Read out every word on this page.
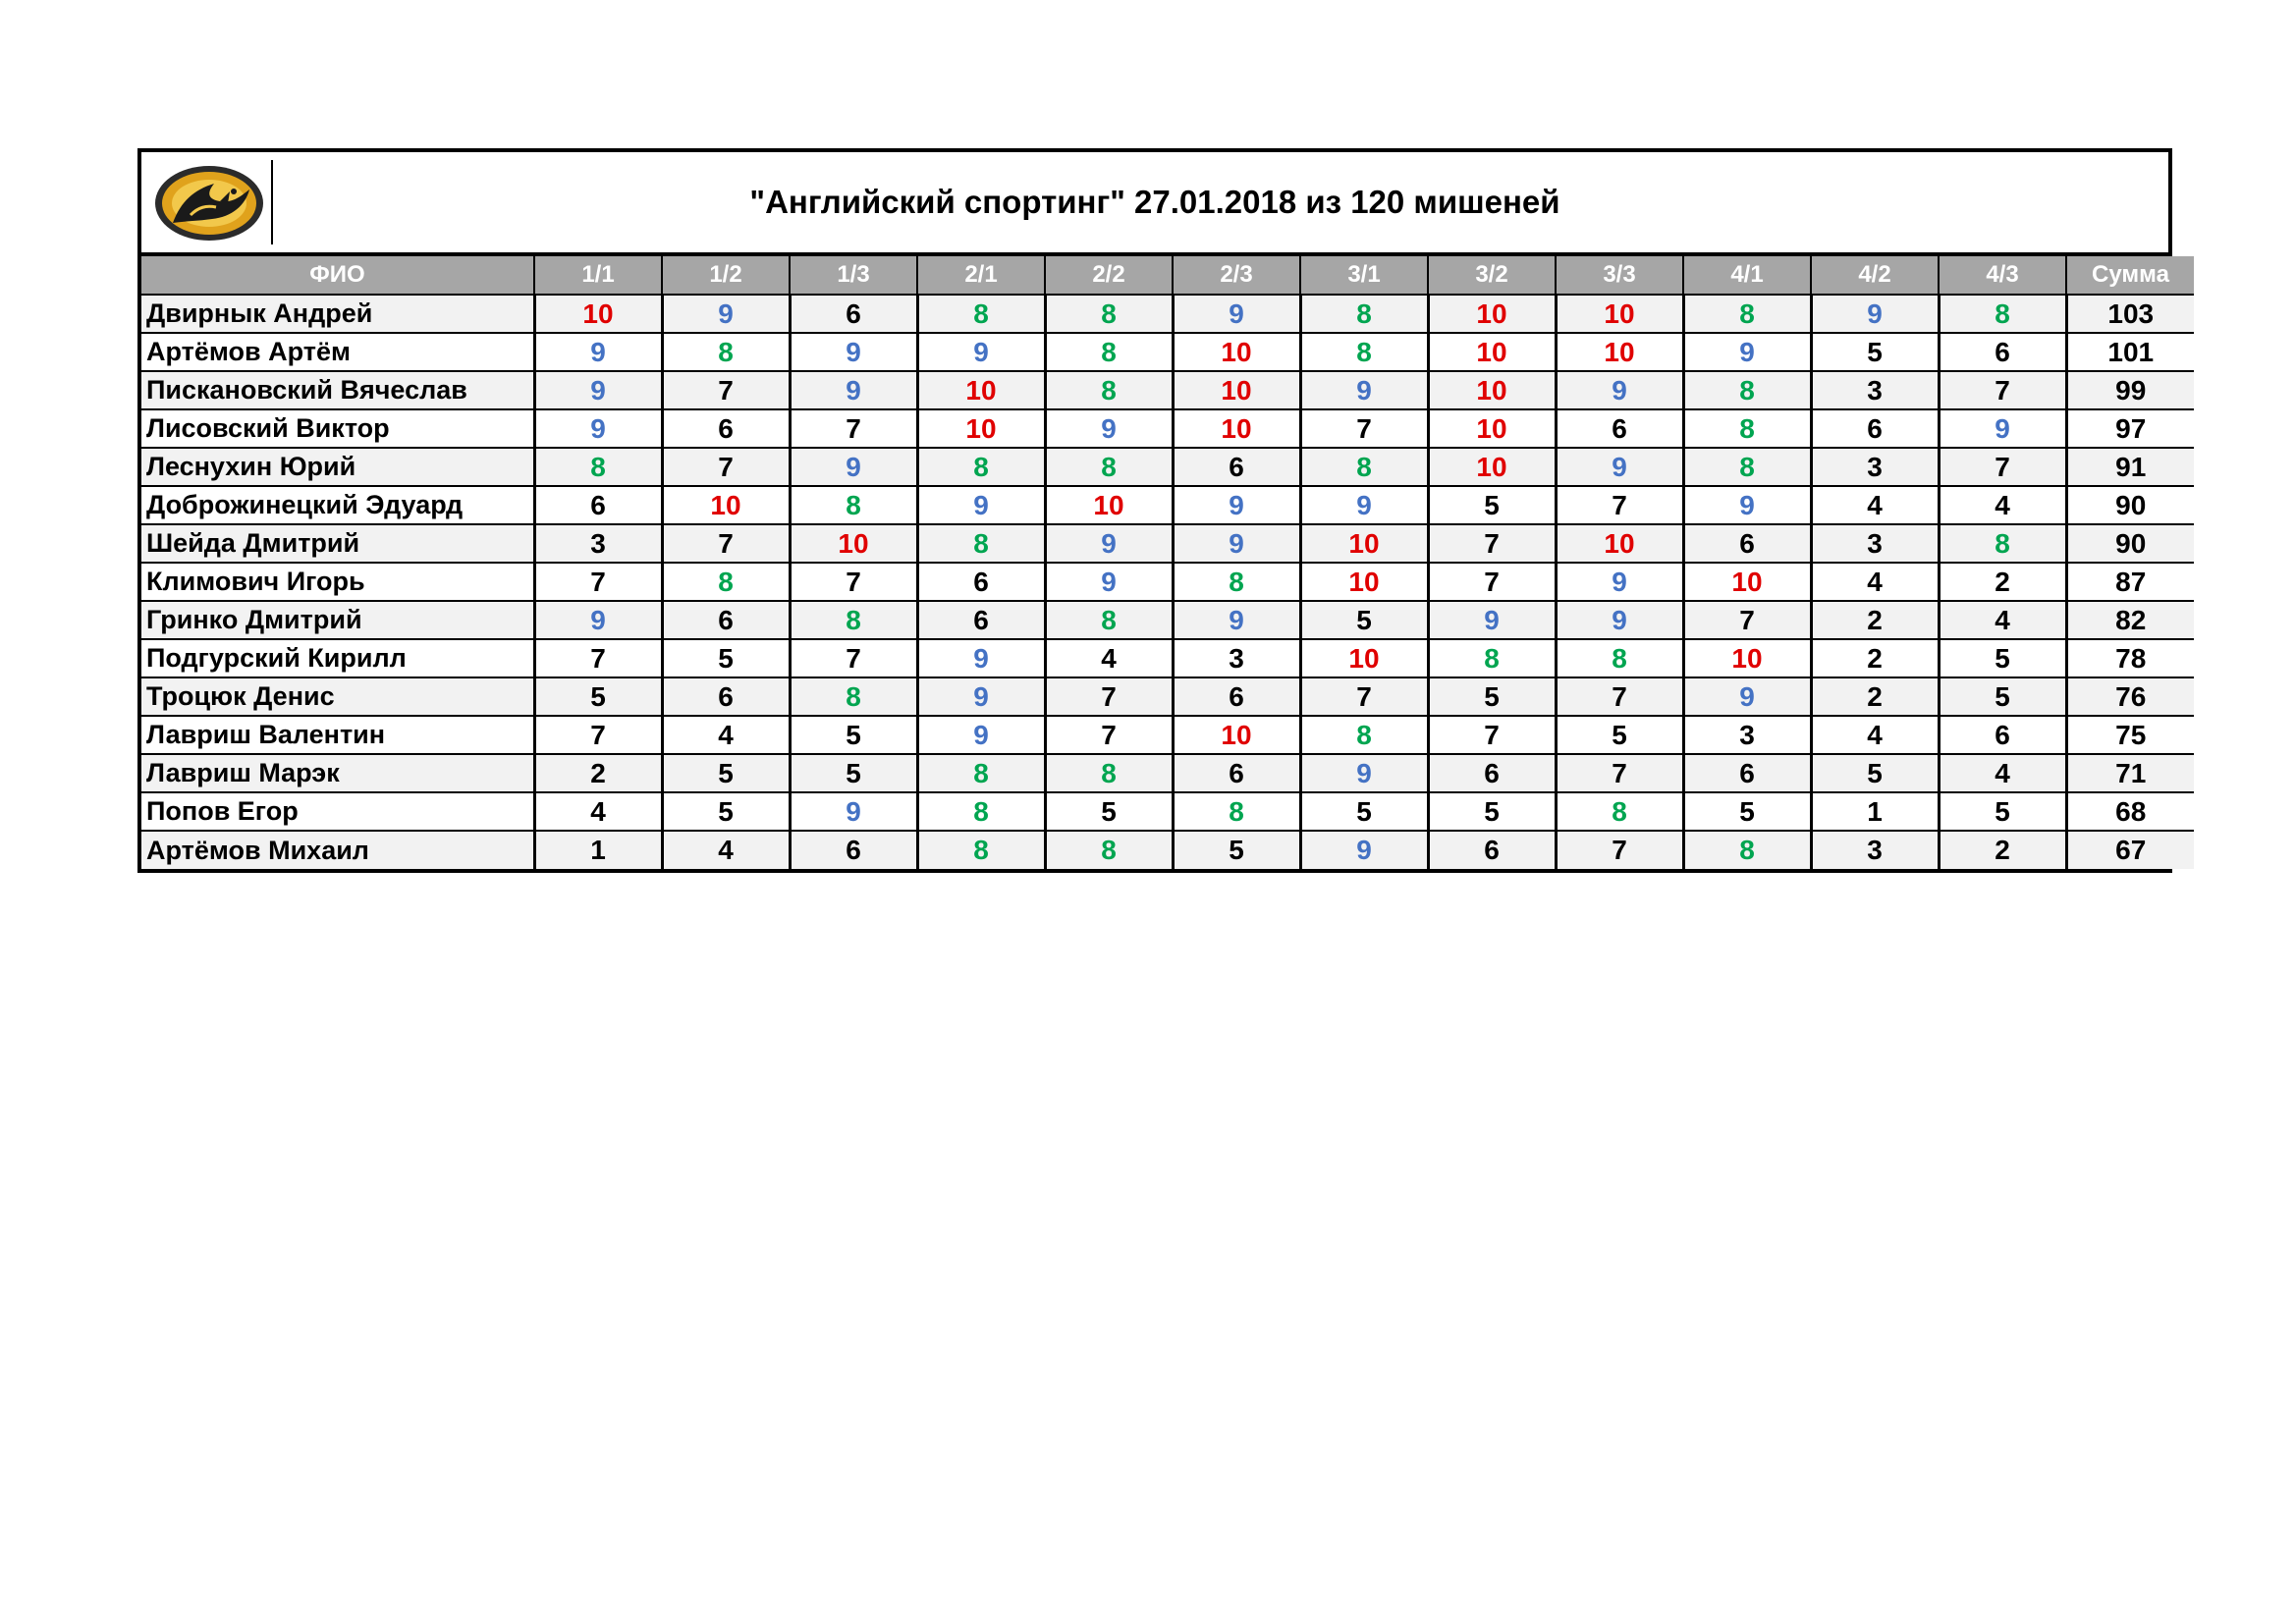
"Английский спортинг" 27.01.2018 из 120 мишеней
ФИО	1/1	1/2	1/3	2/1	2/2	2/3	3/1	3/2	3/3	4/1	4/2	4/3	Сумма
Двирнык Андрей	10	9	6	8	8	9	8	10	10	8	9	8	103
Артёмов Артём	9	8	9	9	8	10	8	10	10	9	5	6	101
Пискановский Вячеслав	9	7	9	10	8	10	9	10	9	8	3	7	99
Лисовский Виктор	9	6	7	10	9	10	7	10	6	8	6	9	97
Леснухин Юрий	8	7	9	8	8	6	8	10	9	8	3	7	91
Доброжинецкий Эдуард	6	10	8	9	10	9	9	5	7	9	4	4	90
Шейда Дмитрий	3	7	10	8	9	9	10	7	10	6	3	8	90
Климович Игорь	7	8	7	6	9	8	10	7	9	10	4	2	87
Гринко Дмитрий	9	6	8	6	8	9	5	9	9	7	2	4	82
Подгурский Кирилл	7	5	7	9	4	3	10	8	8	10	2	5	78
Троцюк Денис	5	6	8	9	7	6	7	5	7	9	2	5	76
Лавриш Валентин	7	4	5	9	7	10	8	7	5	3	4	6	75
Лавриш Марэк	2	5	5	8	8	6	9	6	7	6	5	4	71
Попов Егор	4	5	9	8	5	8	5	5	8	5	1	5	68
Артёмов Михаил	1	4	6	8	8	5	9	6	7	8	3	2	67
